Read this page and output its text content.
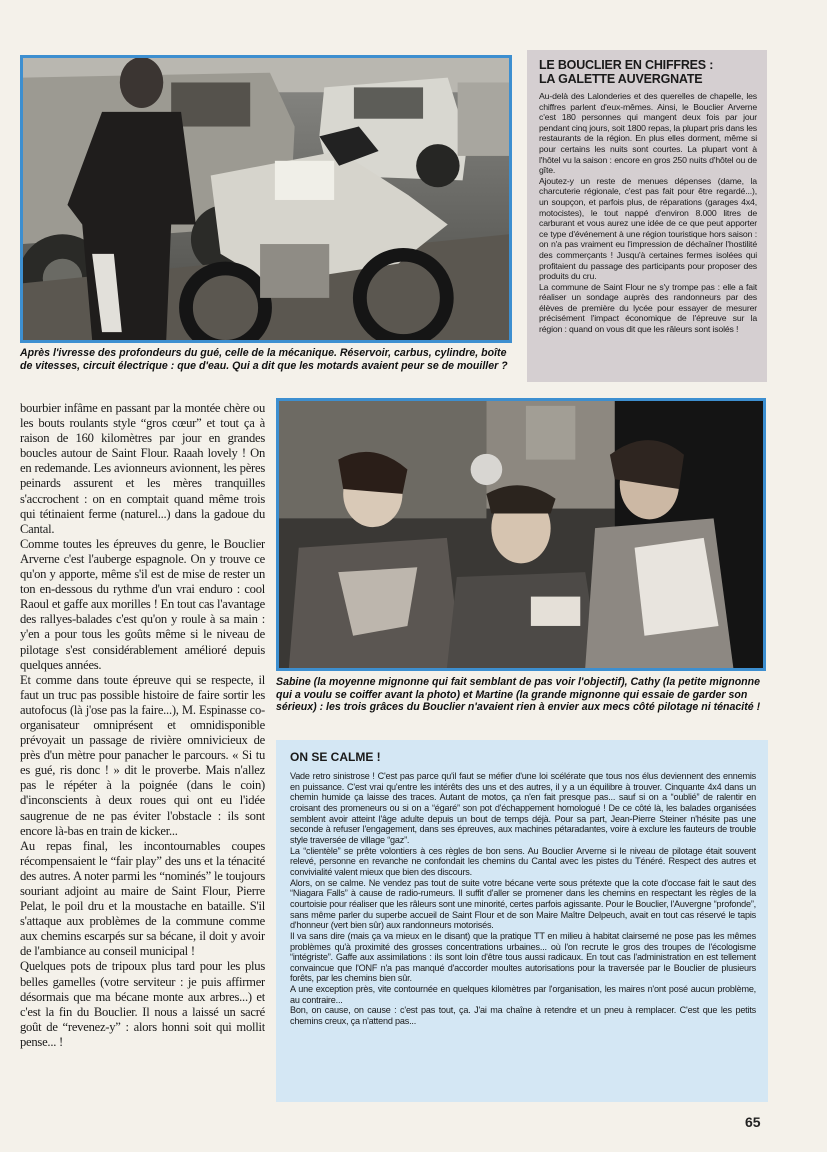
Après l'ivresse des profondeurs du gué, celle de la mécanique. Réservoir, carbus, cylindre, boîte de vitesses, circuit électrique : que d'eau. Qui a dit que les motards avaient peur se de mouiller ?
LE BOUCLIER EN CHIFFRES :
LA GALETTE AUVERGNATE

Au-delà des Lalonderies et des querelles de chapelle, les chiffres parlent d'eux-mêmes. Ainsi, le Bouclier Arverne c'est 180 personnes qui mangent deux fois par jour pendant cinq jours, soit 1800 repas, la plupart pris dans les restaurants de la région. En plus elles dorment, même si pour certains les nuits sont courtes. La plupart vont à l'hôtel vu la saison : encore en gros 250 nuits d'hôtel ou de gîte.

Ajoutez-y un reste de menues dépenses (dame, la charcuterie régionale, c'est pas fait pour être regardé...), un soupçon, et parfois plus, de réparations (garages 4x4, motocistes), le tout nappé d'environ 8.000 litres de carburant et vous aurez une idée de ce que peut apporter ce type d'événement à une région touristique hors saison : on n'a pas vraiment eu l'impression de déchaîner l'hostilité des commerçants ! Jusqu'à certaines fermes isolées qui profitaient du passage des participants pour proposer des produits du cru.

La commune de Saint Flour ne s'y trompe pas : elle a fait réaliser un sondage auprès des randonneurs par des élèves de première du lycée pour essayer de mesurer précisément l'impact économique de l'épreuve sur la région : quand on vous dit que les râleurs sont isolés !

bourbier infâme en passant par la montée chère ou les bouts roulants style “gros cœur” et tout ça à raison de 160 kilomètres par jour en grandes boucles autour de Saint Flour. Raaah lovely ! On en redemande. Les avionneurs avionnent, les pères peinards assurent et les mères tranquilles s'accrochent : on en comptait quand même trois qui tétinaient ferme (naturel...) dans la gadoue du Cantal.

Comme toutes les épreuves du genre, le Bouclier Arverne c'est l'auberge espagnole. On y trouve ce qu'on y apporte, même s'il est de mise de rester un ton en-dessous du rythme d'un vrai enduro : cool Raoul et gaffe aux morilles ! En tout cas l'avantage des rallyes-balades c'est qu'on y roule à sa main : y'en a pour tous les goûts même si le niveau de pilotage s'est considérablement amélioré depuis quelques années.

Et comme dans toute épreuve qui se respecte, il faut un truc pas possible histoire de faire sortir les autofocus (là j'ose pas la faire...), M. Espinasse co-organisateur omniprésent et omnidisponible prévoyait un passage de rivière omnivicieux de près d'un mètre pour panacher le parcours. « Si tu es gué, ris donc ! » dit le proverbe. Mais n'allez pas le répéter à la poignée (dans le coin) d'inconscients à deux roues qui ont eu l'idée saugrenue de ne pas éviter l'obstacle : ils sont encore là-bas en train de kicker...

Au repas final, les incontournables coupes récompensaient le “fair play” des uns et la ténacité des autres. A noter parmi les “nominés” le toujours souriant adjoint au maire de Saint Flour, Pierre Pelat, le poil dru et la moustache en bataille. S'il s'attaque aux problèmes de la commune comme aux chemins escarpés sur sa bécane, il doit y avoir de l'ambiance au conseil municipal !

Quelques pots de tripoux plus tard pour les plus belles gamelles (votre serviteur : je puis affirmer désormais que ma bécane monte aux arbres...) et c'est la fin du Bouclier. Il nous a laissé un sacré goût de “revenez-y” : alors honni soit qui mollit pense... !

Sabine (la moyenne mignonne qui fait semblant de pas voir l'objectif), Cathy (la petite mignonne qui a voulu se coiffer avant la photo) et Martine (la grande mignonne qui essaie de garder son sérieux) : les trois grâces du Bouclier n'avaient rien à envier aux mecs côté pilotage ni ténacité !
ON SE CALME !

Vade retro sinistrose ! C'est pas parce qu'il faut se méfier d'une loi scélérate que tous nos élus deviennent des ennemis en puissance. C'est vrai qu'entre les intérêts des uns et des autres, il y a un équilibre à trouver. Cinquante 4x4 dans un chemin humide ça laisse des traces. Autant de motos, ça n'en fait presque pas... sauf si on a “oublié” de ralentir en croisant des promeneurs ou si on a “égaré” son pot d'échappement homologué ! De ce côté là, les balades organisées semblent avoir atteint l'âge adulte depuis un bout de temps déjà. Pour sa part, Jean-Pierre Steiner n'hésite pas une seconde à refuser l'engagement, dans ses épreuves, aux machines pétaradantes, voire à exclure les fauteurs de trouble style traversée de village “gaz”.

La “clientèle” se prête volontiers à ces règles de bon sens. Au Bouclier Arverne si le niveau de pilotage était souvent relevé, personne en revanche ne confondait les chemins du Cantal avec les pistes du Ténéré. Respect des autres et convivialité valent mieux que bien des discours.

Alors, on se calme. Ne vendez pas tout de suite votre bécane verte sous prétexte que la cote d'occase fait le saut des “Niagara Falls” à cause de radio-rumeurs. Il suffit d'aller se promener dans les chemins en respectant les règles de la courtoisie pour réaliser que les râleurs sont une minorité, certes parfois agissante. Pour le Bouclier, l'Auvergne “profonde”, sans même parler du superbe accueil de Saint Flour et de son Maire Maître Delpeuch, avait en tout cas réservé le tapis d'honneur (vert bien sûr) aux randonneurs motorisés.

Il va sans dire (mais ça va mieux en le disant) que la pratique TT en milieu à habitat clairsemé ne pose pas les mêmes problèmes qu'à proximité des grosses concentrations urbaines... où l'on recrute le gros des troupes de l'écologisme “intégriste”. Gaffe aux assimilations : ils sont loin d'être tous aussi radicaux. En tout cas l'administration en est tellement convaincue que l'ONF n'a pas manqué d'accorder moultes autorisations pour la traversée par le Bouclier de plusieurs forêts, par les chemins bien sûr.

A une exception près, vite contournée en quelques kilomètres par l'organisation, les maires n'ont posé aucun problème, au contraire...

Bon, on cause, on cause : c'est pas tout, ça. J'ai ma chaîne à retendre et un pneu à remplacer. C'est que les petits chemins creux, ça n'attend pas...

65
